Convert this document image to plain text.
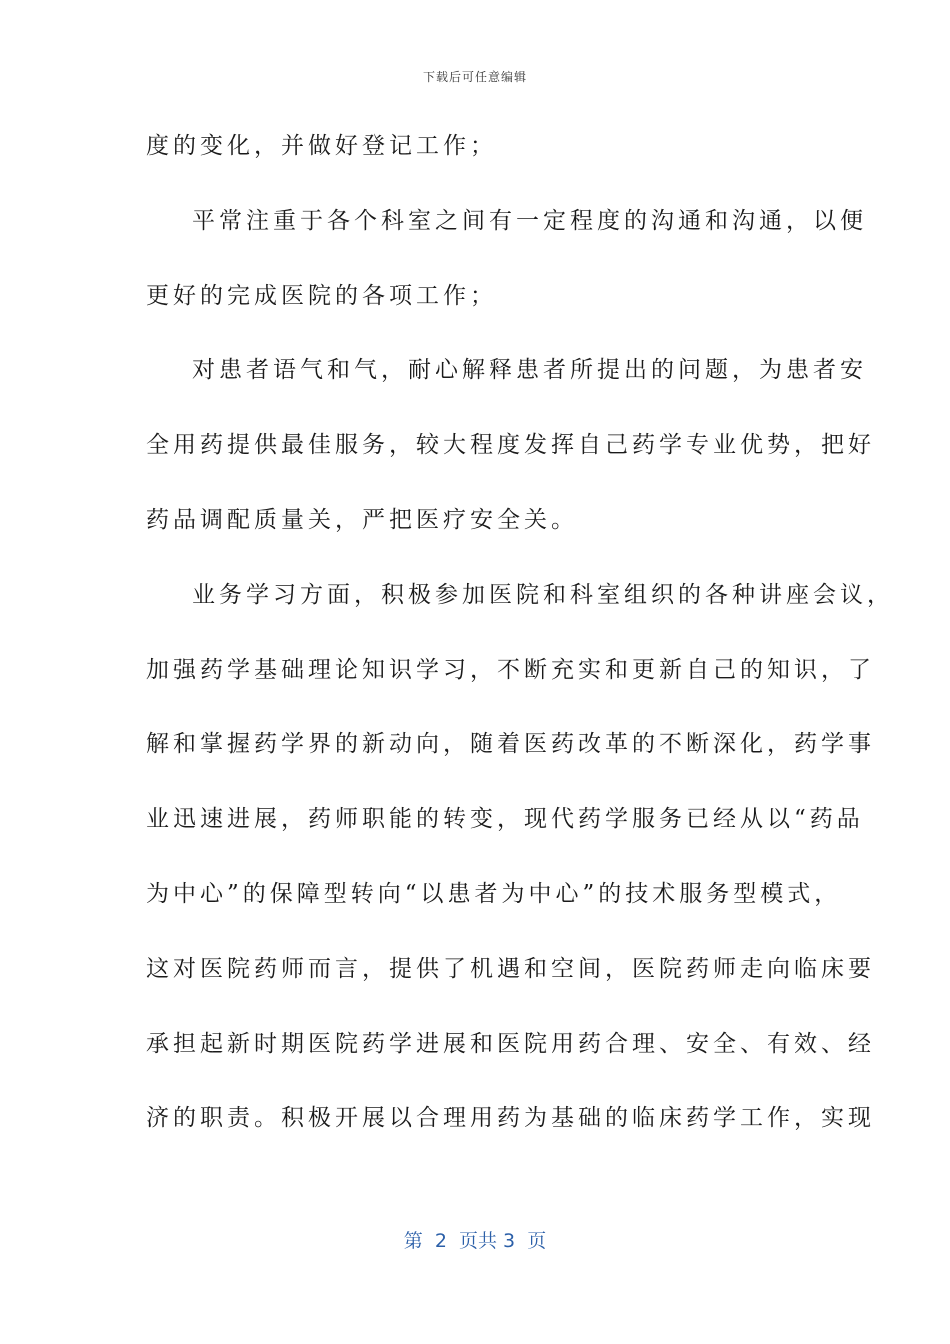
下载后可任意编辑
度的变化，并做好登记工作；
平常注重于各个科室之间有一定程度的沟通和沟通，以便
更好的完成医院的各项工作；
对患者语气和气，耐心解释患者所提出的问题，为患者安
全用药提供最佳服务，较大程度发挥自己药学专业优势，把好
药品调配质量关，严把医疗安全关。
业务学习方面，积极参加医院和科室组织的各种讲座会议，
加强药学基础理论知识学习，不断充实和更新自己的知识，了
解和掌握药学界的新动向，随着医药改革的不断深化，药学事
业迅速进展，药师职能的转变，现代药学服务已经从以“药品
为中心”的保障型转向“以患者为中心”的技术服务型模式，
这对医院药师而言，提供了机遇和空间，医院药师走向临床要
承担起新时期医院药学进展和医院用药合理、安全、有效、经
济的职责。积极开展以合理用药为基础的临床药学工作，实现
第  2  页共 3  页
